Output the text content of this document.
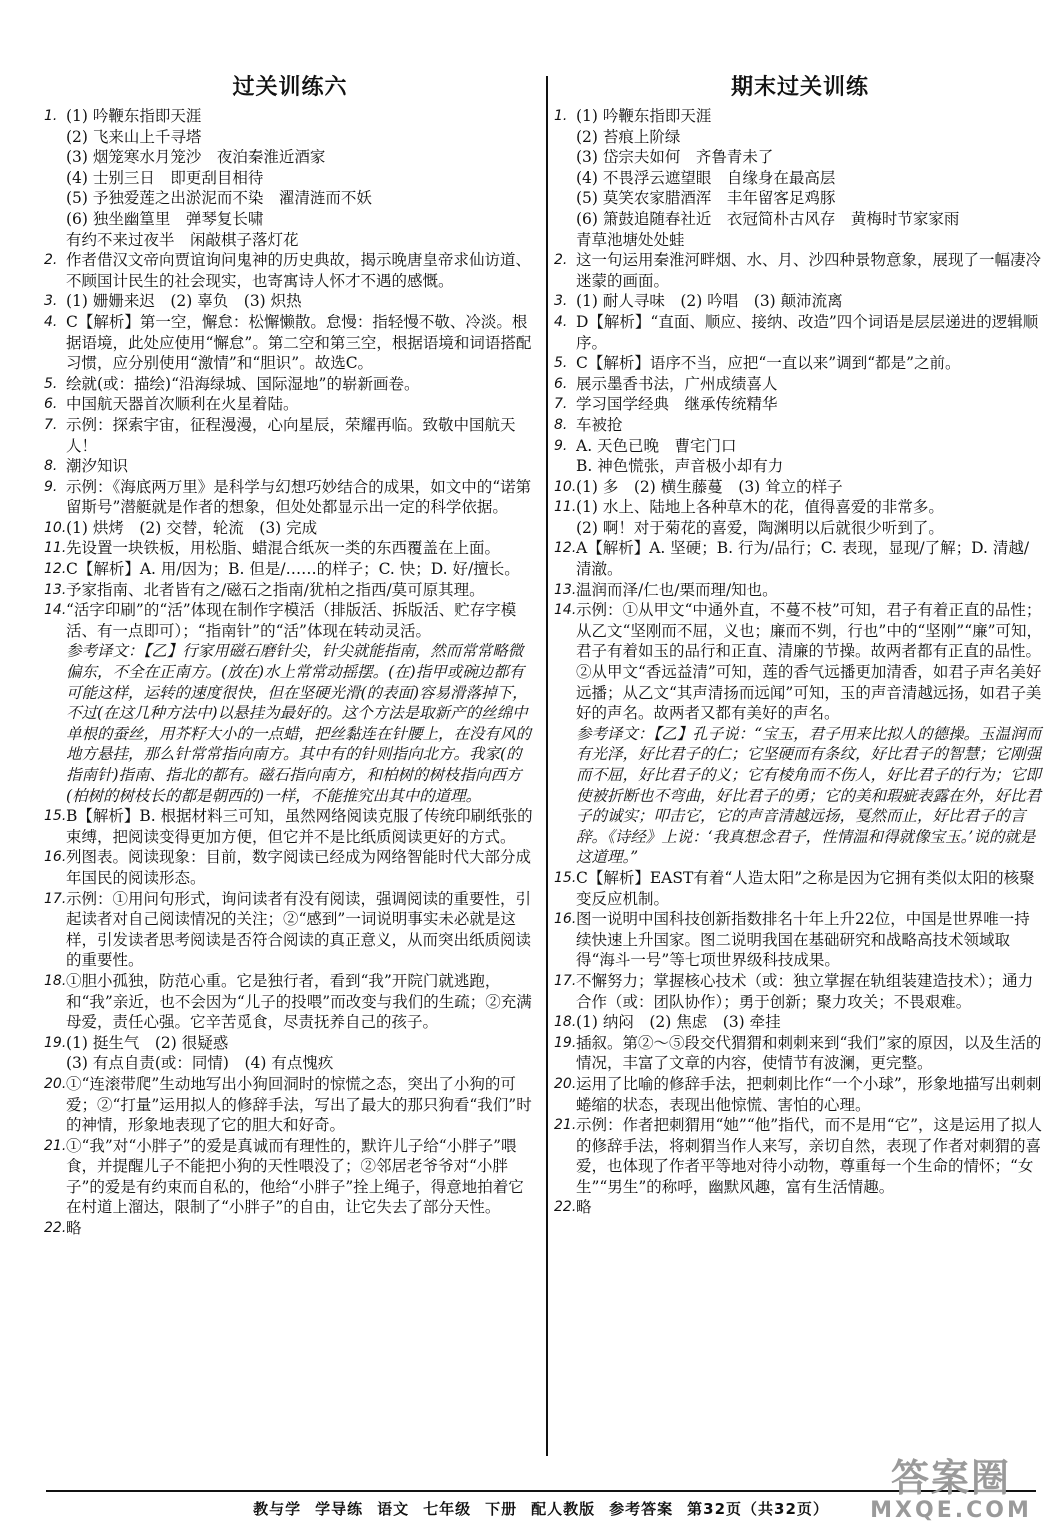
过关训练六
1. (1) 吟鞭东指即天涯
(2) 飞来山上千寻塔
(3) 烟笼寒水月笼沙　夜泊秦淮近酒家
(4) 士别三日　即更刮目相待
(5) 予独爱莲之出淤泥而不染　濯清涟而不妖
(6) 独坐幽篁里　弹琴复长啸
有约不来过夜半　闲敲棋子落灯花
2. 作者借汉文帝向贾谊询问鬼神的历史典故，揭示晚唐皇帝求仙访道、不顾国计民生的社会现实，也寄寓诗人怀才不遇的感慨。
3. (1) 姗姗来迟　(2) 辜负　(3) 炽热
4. C【解析】第一空，懈怠：松懈懒散。怠慢：指轻慢不敬、冷淡。根据语境，此处应使用“懈怠”。第二空和第三空，根据语境和词语搭配习惯，应分别使用“激情”和“胆识”。故选C。
5. 绘就(或：描绘)“沿海绿城、国际湿地”的崭新画卷。
6. 中国航天器首次顺利在火星着陆。
7. 示例：探索宇宙，征程漫漫，心向星辰，荣耀再临。致敬中国航天人！
8. 潮汐知识
9. 示例：《海底两万里》是科学与幻想巧妙结合的成果，如文中的“诺第留斯号”潜艇就是作者的想象，但处处都显示出一定的科学依据。
10. (1) 烘烤　(2) 交替，轮流　(3) 完成
11. 先设置一块铁板，用松脂、蜡混合纸灰一类的东西覆盖在上面。
12. C【解析】A. 用/因为；B. 但是/……的样子；C. 快；D. 好/擅长。
13. 予家指南、北者皆有之/磁石之指南/犹柏之指西/莫可原其理。
14. “活字印刷”的“活”体现在制作字模活（排版活、拆版活、贮存字模活、有一点即可）；“指南针”的“活”体现在转动灵活。
参考译文：【乙】行家用磁石磨针尖，针尖就能指南，然而常常略微偏东，不全在正南方。(放在)水上常常动摇摆。(在)指甲或碗边都有可能这样，运转的速度很快，但在坚硬光滑(的表面)容易滑落掉下，不过(在这几种方法中)以悬挂为最好的。这个方法是取新产的丝绵中单根的蚕丝，用芥籽大小的一点蜡，把丝黏连在针腰上，在没有风的地方悬挂，那么针常常指向南方。其中有的针则指向北方。我家(的指南针)指南、指北的都有。磁石指向南方，和柏树的树枝指向西方(柏树的树枝长的都是朝西的)一样，不能推究出其中的道理。
15. B【解析】B. 根据材料三可知，虽然网络阅读克服了传统印刷纸张的束缚，把阅读变得更加方便，但它并不是比纸质阅读更好的方式。
16. 列图表。阅读现象：目前，数字阅读已经成为网络智能时代大部分成年国民的阅读形态。
17. 示例：①用问句形式，询问读者有没有阅读，强调阅读的重要性，引起读者对自己阅读情况的关注；②“感到”一词说明事实未必就是这样，引发读者思考阅读是否符合阅读的真正意义，从而突出纸质阅读的重要性。
18. ①胆小孤独，防范心重。它是独行者，看到“我”开院门就逃跑，和“我”亲近，也不会因为“儿子的投喂”而改变与我们的生疏；②充满母爱，责任心强。它辛苦觅食，尽责抚养自己的孩子。
19. (1) 挺生气　(2) 很疑惑
(3) 有点自责(或：同情)　(4) 有点愧疚
20. ①“连滚带爬”生动地写出小狗回洞时的惊慌之态，突出了小狗的可爱；②“打量”运用拟人的修辞手法，写出了最大的那只狗看“我们”时的神情，形象地表现了它的胆大和好奇。
21. ①“我”对“小胖子”的爱是真诚而有理性的，默许儿子给“小胖子”喂食，并提醒儿子不能把小狗的天性喂没了；②邻居老爷爷对“小胖子”的爱是有约束而自私的，他给“小胖子”拴上绳子，得意地拍着它在村道上溜达，限制了“小胖子”的自由，让它失去了部分天性。
22. 略
期末过关训练
1. (1) 吟鞭东指即天涯
(2) 苔痕上阶绿
(3) 岱宗夫如何　齐鲁青未了
(4) 不畏浮云遮望眼　自缘身在最高层
(5) 莫笑农家腊酒浑　丰年留客足鸡豚
(6) 箫鼓追随春社近　衣冠简朴古风存　黄梅时节家家雨
青草池塘处处蛙
2. 这一句运用秦淮河畔烟、水、月、沙四种景物意象，展现了一幅凄冷迷蒙的画面。
3. (1) 耐人寻味　(2) 吟唱　(3) 颠沛流离
4. D【解析】“直面、顺应、接纳、改造”四个词语是层层递进的逻辑顺序。
5. C【解析】语序不当，应把“一直以来”调到“都是”之前。
6. 展示墨香书法，广州成绩喜人
7. 学习国学经典　继承传统精华
8. 车被抢
9. A. 天色已晚　曹宅门口
B. 神色慌张，声音极小却有力
10. (1) 多　(2) 横生藤蔓　(3) 耸立的样子
11. (1) 水上、陆地上各种草木的花，值得喜爱的非常多。
(2) 啊！对于菊花的喜爱，陶渊明以后就很少听到了。
12. A【解析】A. 坚硬；B. 行为/品行；C. 表现，显现/了解；D. 清越/清澈。
13. 温润而泽/仁也/栗而理/知也。
14. 示例：①从甲文“中通外直，不蔓不枝”可知，君子有着正直的品性；从乙文“坚刚而不屈，义也；廉而不刿，行也”中的“坚刚”“廉”可知，君子有着如玉的品行和正直、清廉的节操。故两者都有正直的品性。②从甲文“香远益清”可知，莲的香气远播更加清香，如君子声名美好远播；从乙文“其声清扬而远闻”可知，玉的声音清越远扬，如君子美好的声名。故两者又都有美好的声名。
参考译文：【乙】孔子说：“宝玉，君子用来比拟人的德操。玉温润而有光泽，好比君子的仁；它坚硬而有条纹，好比君子的智慧；它刚强而不屈，好比君子的义；它有棱角而不伤人，好比君子的行为；它即使被折断也不弯曲，好比君子的勇；它的美和瑕疵表露在外，好比君子的诚实；叩击它，它的声音清越远扬，戛然而止，好比君子的言辞。《诗经》上说：‘我真想念君子，性情温和得就像宝玉。’说的就是这道理。”
15. C【解析】EAST有着“人造太阳”之称是因为它拥有类似太阳的核聚变反应机制。
16. 图一说明中国科技创新指数排名十年上升22位，中国是世界唯一持续快速上升国家。图二说明我国在基础研究和战略高技术领域取得“海斗一号”等七项世界级科技成果。
17. 不懈努力；掌握核心技术（或：独立掌握在轨组装建造技术）；通力合作（或：团队协作）；勇于创新；聚力攻关；不畏艰难。
18. (1) 纳闷　(2) 焦虑　(3) 牵挂
19. 插叙。第②～⑤段交代猬猬和刺刺来到“我们”家的原因，以及生活的情况，丰富了文章的内容，使情节有波澜，更完整。
20. 运用了比喻的修辞手法，把刺刺比作“一个小球”，形象地描写出刺刺蜷缩的状态，表现出他惊慌、害怕的心理。
21. 示例：作者把刺猬用“她”“他”指代，而不是用“它”，这是运用了拟人的修辞手法，将刺猬当作人来写，亲切自然，表现了作者对刺猬的喜爱，也体现了作者平等地对待小动物，尊重每一个生命的情怀；“女生”“男生”的称呼，幽默风趣，富有生活情趣。
22. 略
教与学 学导练 语文 七年级 下册 配人教版 参考答案 第32页（共32页）
答案圈
MXQE.COM
